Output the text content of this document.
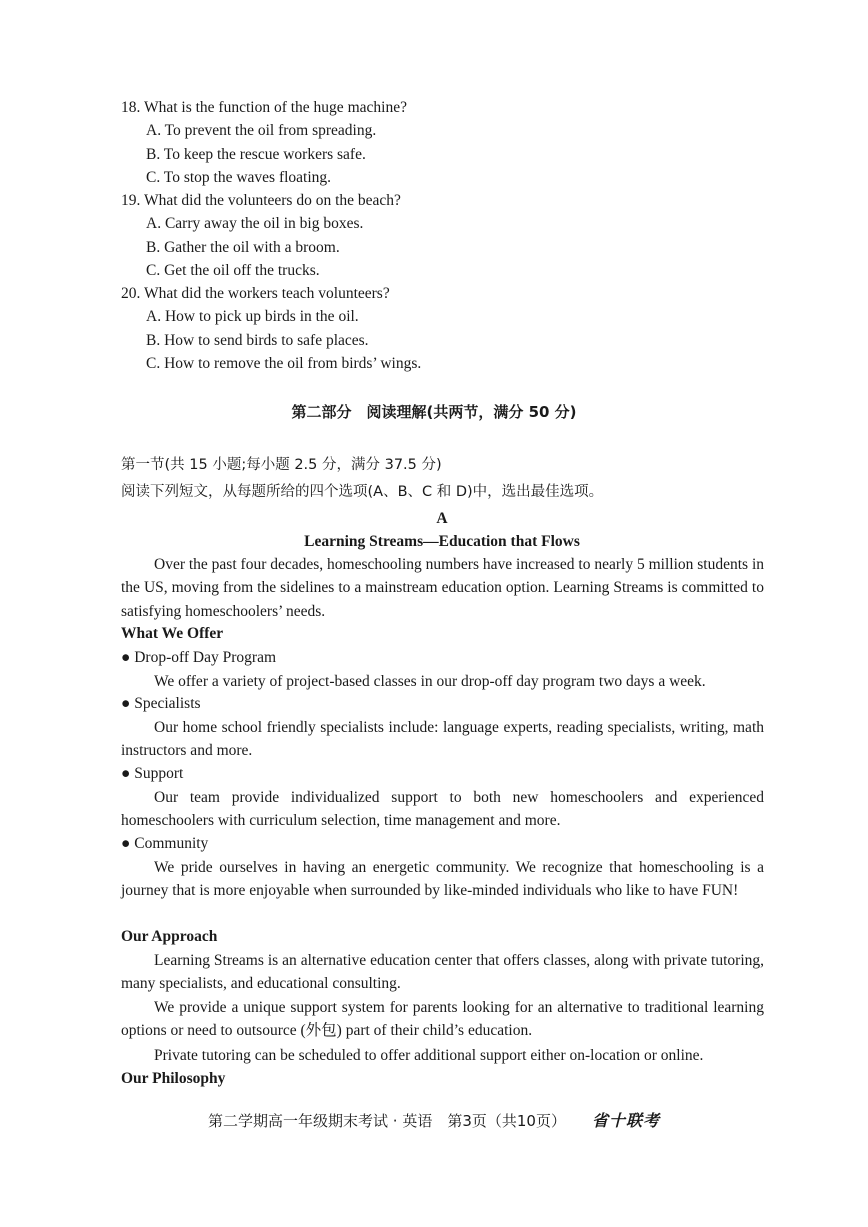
18. What is the function of the huge machine?
A. To prevent the oil from spreading.
B. To keep the rescue workers safe.
C. To stop the waves floating.
19. What did the volunteers do on the beach?
A. Carry away the oil in big boxes.
B. Gather the oil with a broom.
C. Get the oil off the trucks.
20. What did the workers teach volunteers?
A. How to pick up birds in the oil.
B. How to send birds to safe places.
C. How to remove the oil from birds’ wings.
第二部分　阅读理解(共两节，满分 50 分)
第一节(共 15 小题;每小题 2.5 分，满分 37.5 分)
阅读下列短文，从每题所给的四个选项(A、B、C 和 D)中，选出最佳选项。
A
Learning Streams—Education that Flows
Over the past four decades, homeschooling numbers have increased to nearly 5 million students in the US, moving from the sidelines to a mainstream education option. Learning Streams is committed to satisfying homeschoolers’ needs.
What We Offer
● Drop-off Day Program
We offer a variety of project-based classes in our drop-off day program two days a week.
● Specialists
Our home school friendly specialists include: language experts, reading specialists, writing, math instructors and more.
● Support
Our team provide individualized support to both new homeschoolers and experienced homeschoolers with curriculum selection, time management and more.
● Community
We pride ourselves in having an energetic community. We recognize that homeschooling is a journey that is more enjoyable when surrounded by like-minded individuals who like to have FUN!
Our Approach
Learning Streams is an alternative education center that offers classes, along with private tutoring, many specialists, and educational consulting.
We provide a unique support system for parents looking for an alternative to traditional learning options or need to outsource (外包) part of their child’s education.
Private tutoring can be scheduled to offer additional support either on-location or online.
Our Philosophy
第二学期高一年级期末考试 · 英语　第3页（共10页） 省十联考
